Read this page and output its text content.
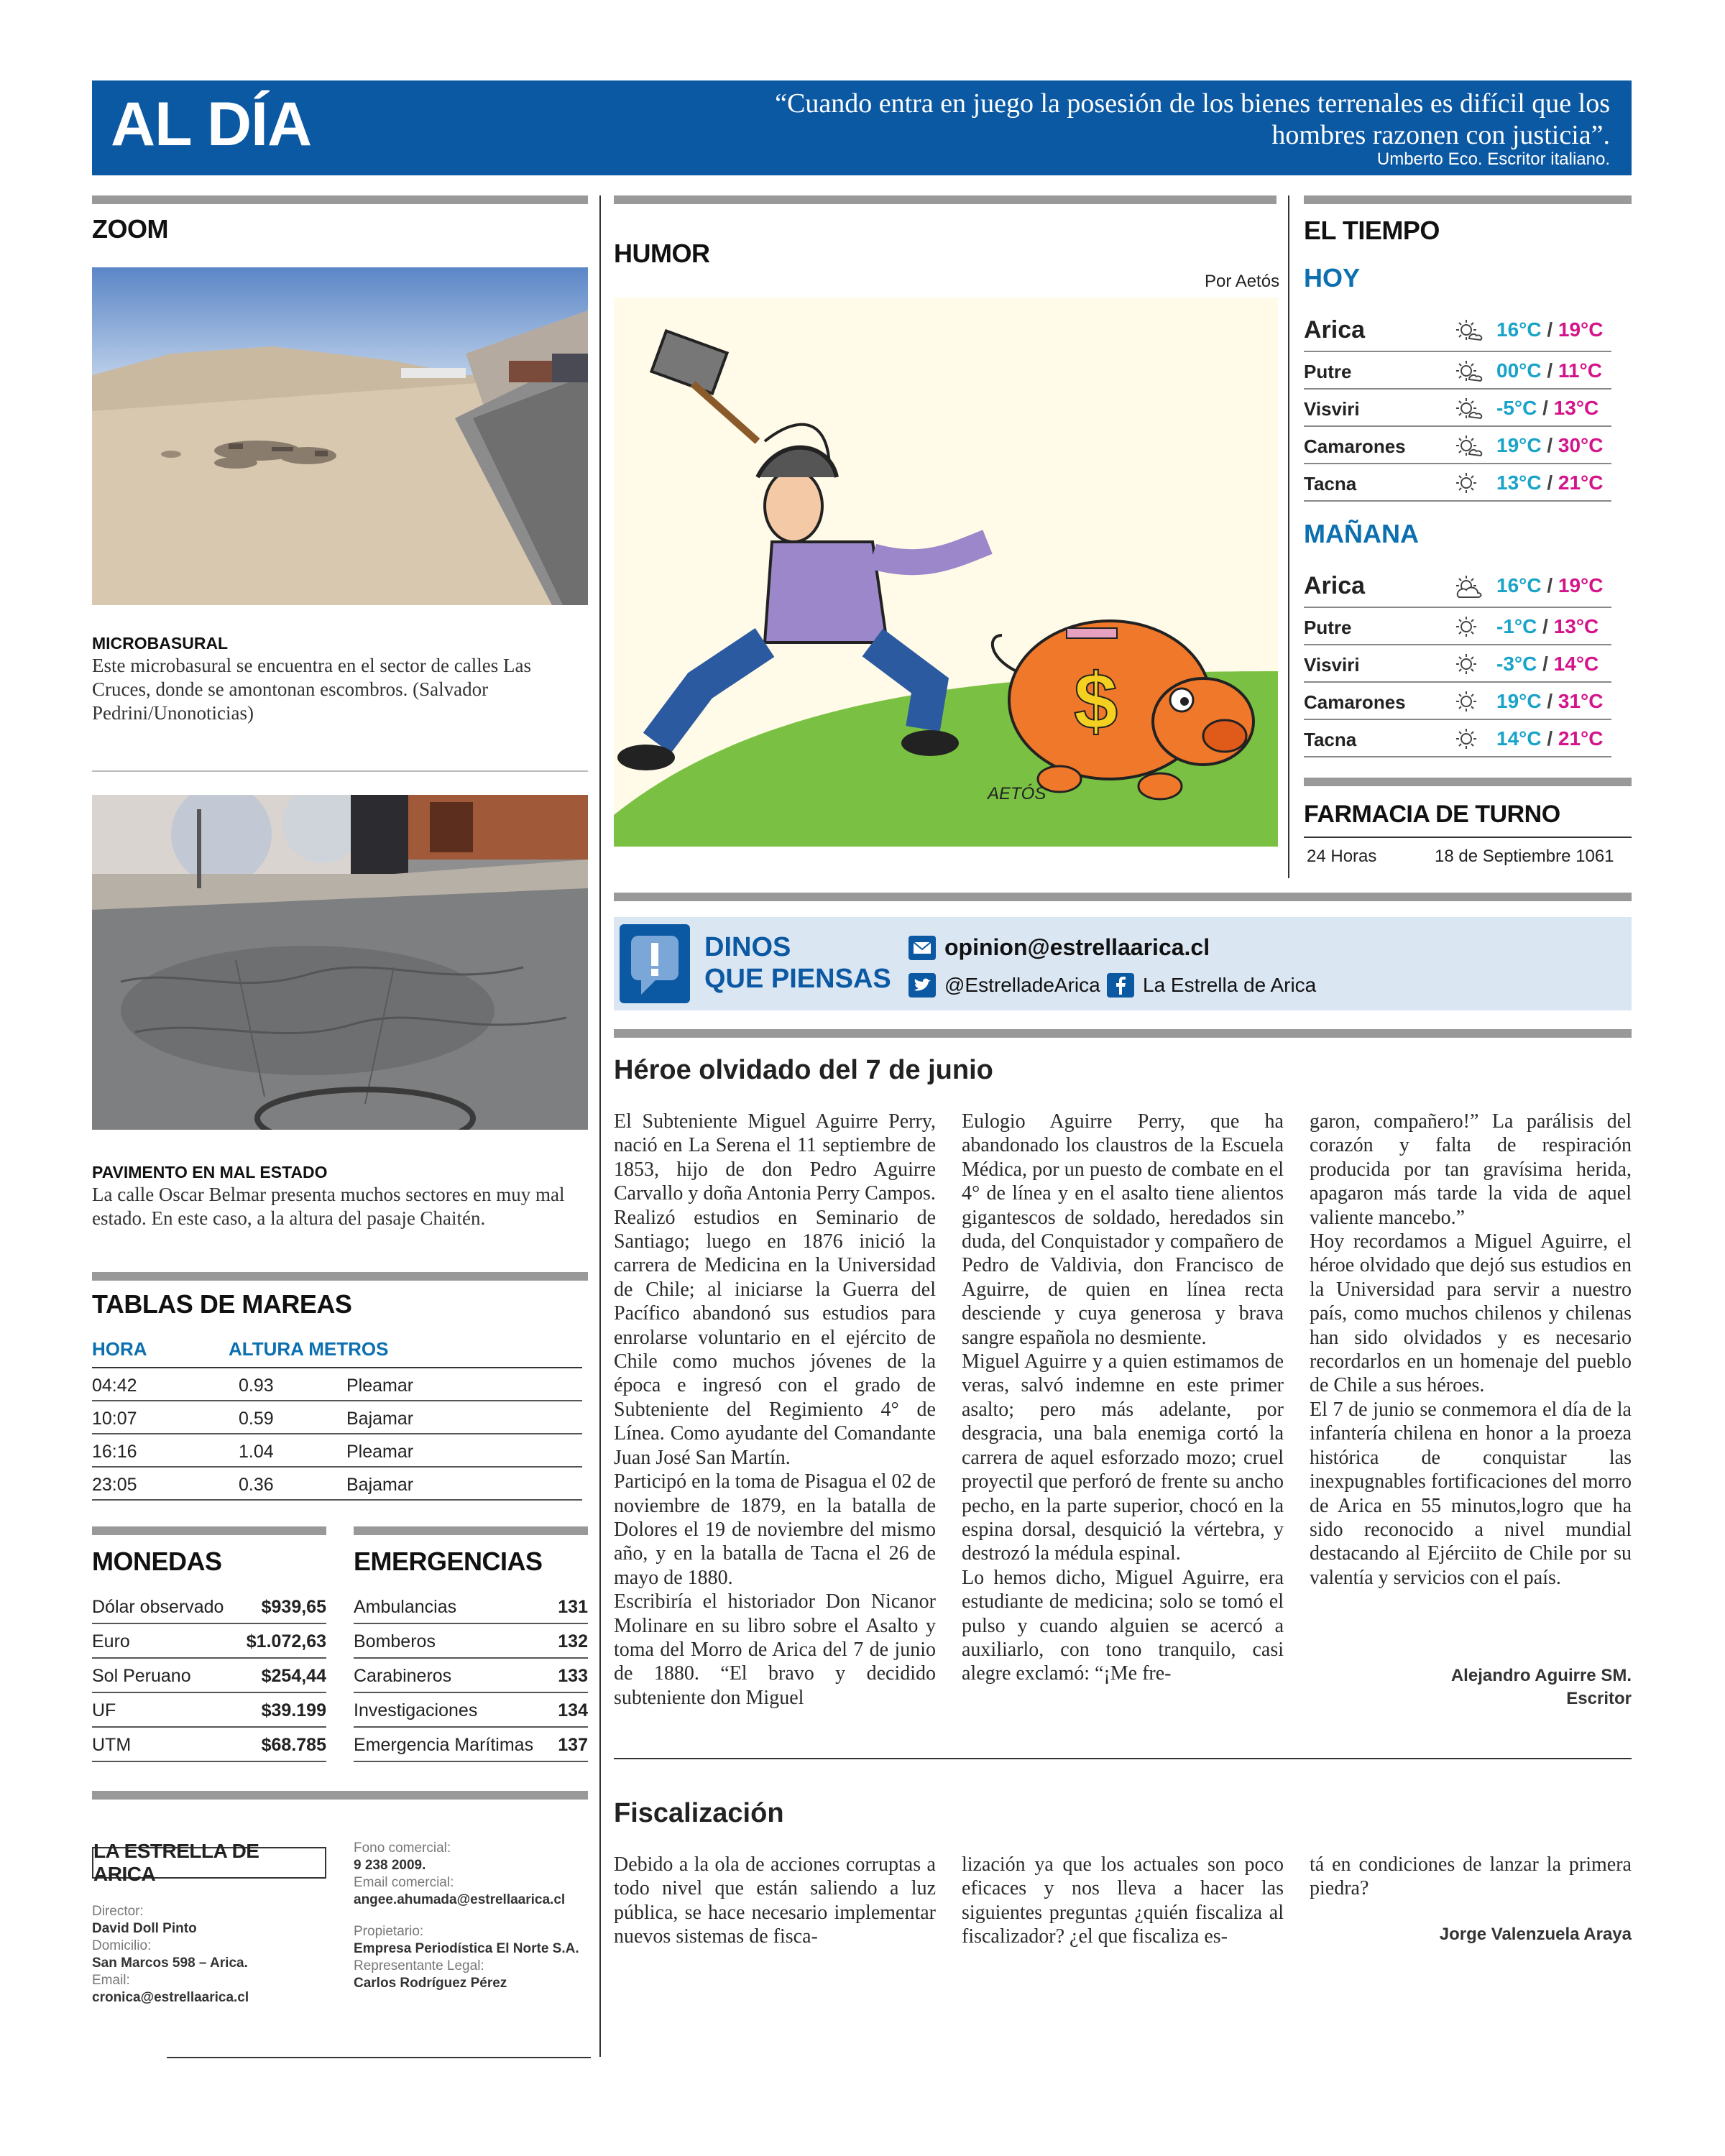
AL DÍA	“Cuando entra en juego la posesión de los bienes terrenales es difícil que los hombres razonen con justicia”.
Umberto Eco. Escritor italiano.
ZOOM
MICROBASURAL
Este microbasural se encuentra en el sector de calles Las Cruces, donde se amontonan escombros. (Salvador Pedrini/Unonoticias)
PAVIMENTO EN MAL ESTADO
La calle Oscar Belmar presenta muchos sectores en muy mal estado. En este caso, a la altura del pasaje Chaitén.
TABLAS DE MAREAS
HORA	ALTURA METROS
04:42	0.93	Pleamar
10:07	0.59	Bajamar
16:16	1.04	Pleamar
23:05	0.36	Bajamar
MONEDAS
Dólar observado $939,65
Euro	$1.072,63
Sol Peruano	$254,44
UF	$39.199
UTM	$68.785
EMERGENCIAS
Ambulancias	131
Bomberos	132
Carabineros	133
Investigaciones	134
Emergencia Marítimas 137
LA ESTRELLA DE ARICA
Director:
David Doll Pinto
Domicilio:
San Marcos 598 – Arica.
Email:
cronica@estrellaarica.cl
Fono comercial:
9 238 2009.
Email comercial:
angee.ahumada@estrellaarica.cl
Propietario:
Empresa Periodística El Norte S.A.
Representante Legal:
Carlos Rodríguez Pérez
HUMOR
Por Aetós
$
AETÓS
DINOS
QUE PIENSAS
opinion@estrellaarica.cl
@EstrelladeArica La Estrella de Arica
Héroe olvidado del 7 de junio

El Subteniente Miguel Aguirre Perry, nació en La Serena el 11 septiembre de 1853, hijo de don Pedro Aguirre Carvallo y doña Antonia Perry Campos.

Realizó estudios en Seminario de Santiago; luego en 1876 inició la carrera de Medicina en la Universidad de Chile; al iniciarse la Guerra del Pacífico abandonó sus estudios para enrolarse voluntario en el ejército de Chile como muchos jóvenes de la época e ingresó con el grado de Subteniente del Regimiento 4° de Línea. Como ayudante del Comandante Juan José San Martín.

Participó en la toma de Pisagua el 02 de noviembre de 1879, en la batalla de Dolores el 19 de noviembre del mismo año, y en la batalla de Tacna el 26 de mayo de 1880.

Escribiría el historiador Don Nicanor Molinare en su libro sobre el Asalto y toma del Morro de Arica del 7 de junio de 1880. “El bravo y decidido subteniente don Miguel

Eulogio Aguirre Perry, que ha abandonado los claustros de la Escuela Médica, por un puesto de combate en el 4° de línea y en el asalto tiene alientos gigantescos de soldado, heredados sin duda, del Conquistador y compañero de Pedro de Valdivia, don Francisco de Aguirre, de quien en línea recta desciende y cuya generosa y brava sangre española no desmiente.

Miguel Aguirre y a quien estimamos de veras, salvó indemne en este primer asalto; pero más adelante, por desgracia, una bala enemiga cortó la carrera de aquel esforzado mozo; cruel proyectil que perforó de frente su ancho pecho, en la parte superior, chocó en la espina dorsal, desquició la vértebra, y destrozó la médula espinal.

Lo hemos dicho, Miguel Aguirre, era estudiante de medicina; solo se tomó el pulso y cuando alguien se acercó a auxiliarlo, con tono tranquilo, casi alegre exclamó: “¡Me fre-

garon, compañero!” La parálisis del corazón y falta de respiración producida por tan gravísima herida, apagaron más tarde la vida de aquel valiente mancebo.”

Hoy recordamos a Miguel Aguirre, el héroe olvidado que dejó sus estudios en la Universidad para servir a nuestro país, como muchos chilenos y chilenas han sido olvidados y es necesario recordarlos en un homenaje del pueblo de Chile a sus héroes.

El 7 de junio se conmemora el día de la infantería chilena en honor a la proeza histórica de conquistar las inexpugnables fortificaciones del morro de Arica en 55 minutos,logro que ha sido reconocido a nivel mundial destacando al Ejérciito de Chile por su valentía y servicios con el país.

Alejandro Aguirre SM.
Escritor
Fiscalización
Debido a la ola de acciones corruptas a todo nivel que están saliendo a luz pública, se hace necesario implementar nuevos sistemas de fisca-
lización ya que los actuales son poco eficaces y nos lleva a hacer las siguientes preguntas ¿quién fiscaliza al fiscalizador? ¿el que fiscaliza es-
tá en condiciones de lanzar la primera piedra?
Jorge Valenzuela Araya
EL TIEMPO
HOY
Arica	16°C / 19°C
Putre	00°C / 11°C
Visviri	-5°C / 13°C
Camarones	19°C / 30°C
Tacna	13°C / 21°C
MAÑANA
Arica	16°C / 19°C
Putre	-1°C / 13°C
Visviri	-3°C / 14°C
Camarones	19°C / 31°C
Tacna	14°C / 21°C
FARMACIA DE TURNO
24 Horas	18 de Septiembre 1061
